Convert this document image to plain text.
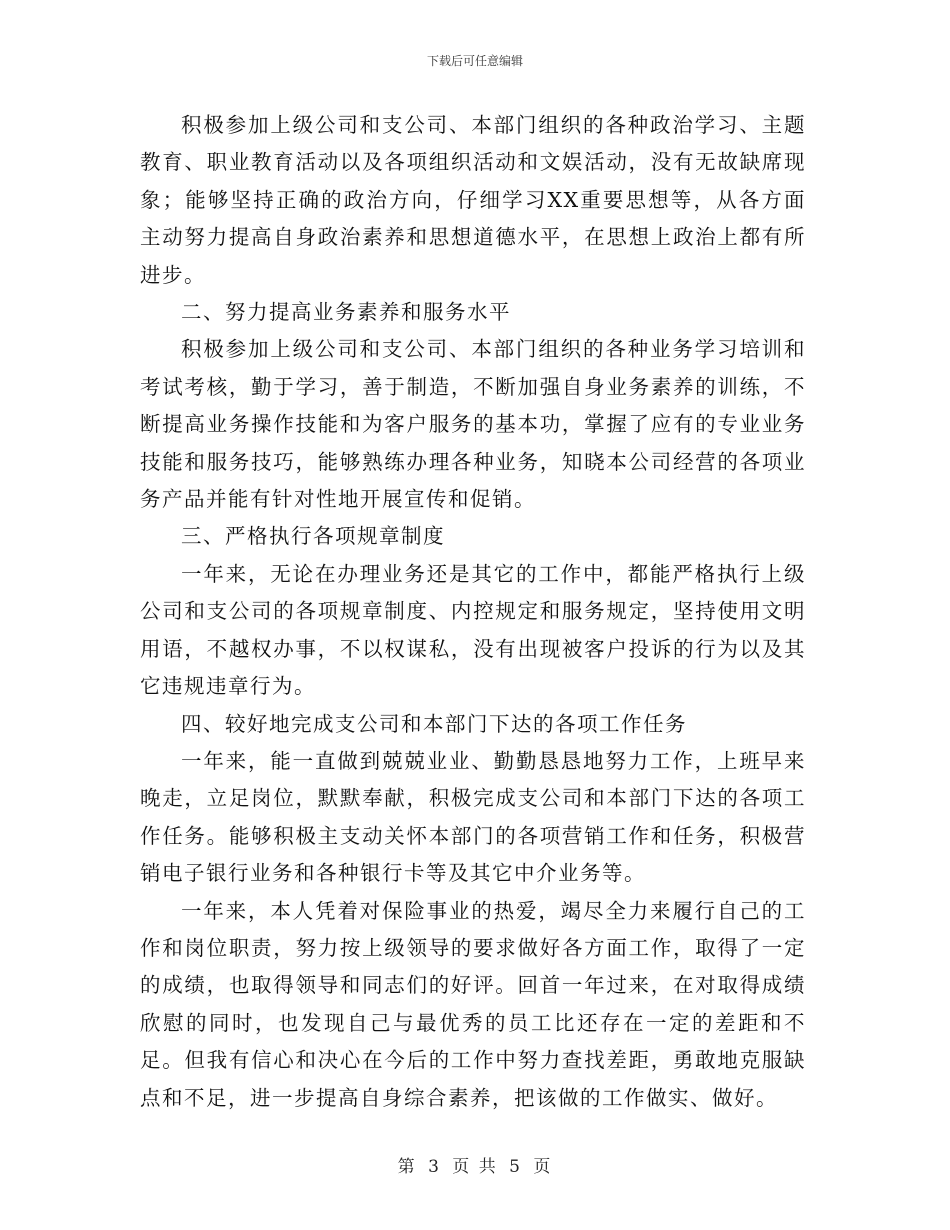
下载后可任意编辑

积极参加上级公司和支公司、本部门组织的各种政治学习、主题教育、职业教育活动以及各项组织活动和文娱活动，没有无故缺席现象；能够坚持正确的政治方向，仔细学习XX重要思想等，从各方面主动努力提高自身政治素养和思想道德水平，在思想上政治上都有所进步。

二、努力提高业务素养和服务水平

积极参加上级公司和支公司、本部门组织的各种业务学习培训和考试考核，勤于学习，善于制造，不断加强自身业务素养的训练，不断提高业务操作技能和为客户服务的基本功，掌握了应有的专业业务技能和服务技巧，能够熟练办理各种业务，知晓本公司经营的各项业务产品并能有针对性地开展宣传和促销。

三、严格执行各项规章制度

一年来，无论在办理业务还是其它的工作中，都能严格执行上级公司和支公司的各项规章制度、内控规定和服务规定，坚持使用文明用语，不越权办事，不以权谋私，没有出现被客户投诉的行为以及其它违规违章行为。

四、较好地完成支公司和本部门下达的各项工作任务

一年来，能一直做到兢兢业业、勤勤恳恳地努力工作，上班早来晚走，立足岗位，默默奉献，积极完成支公司和本部门下达的各项工作任务。能够积极主支动关怀本部门的各项营销工作和任务，积极营销电子银行业务和各种银行卡等及其它中介业务等。

一年来，本人凭着对保险事业的热爱，竭尽全力来履行自己的工作和岗位职责，努力按上级领导的要求做好各方面工作，取得了一定的成绩，也取得领导和同志们的好评。回首一年过来，在对取得成绩欣慰的同时，也发现自己与最优秀的员工比还存在一定的差距和不足。但我有信心和决心在今后的工作中努力查找差距，勇敢地克服缺点和不足，进一步提高自身综合素养，把该做的工作做实、做好。

第 3 页 共 5 页
